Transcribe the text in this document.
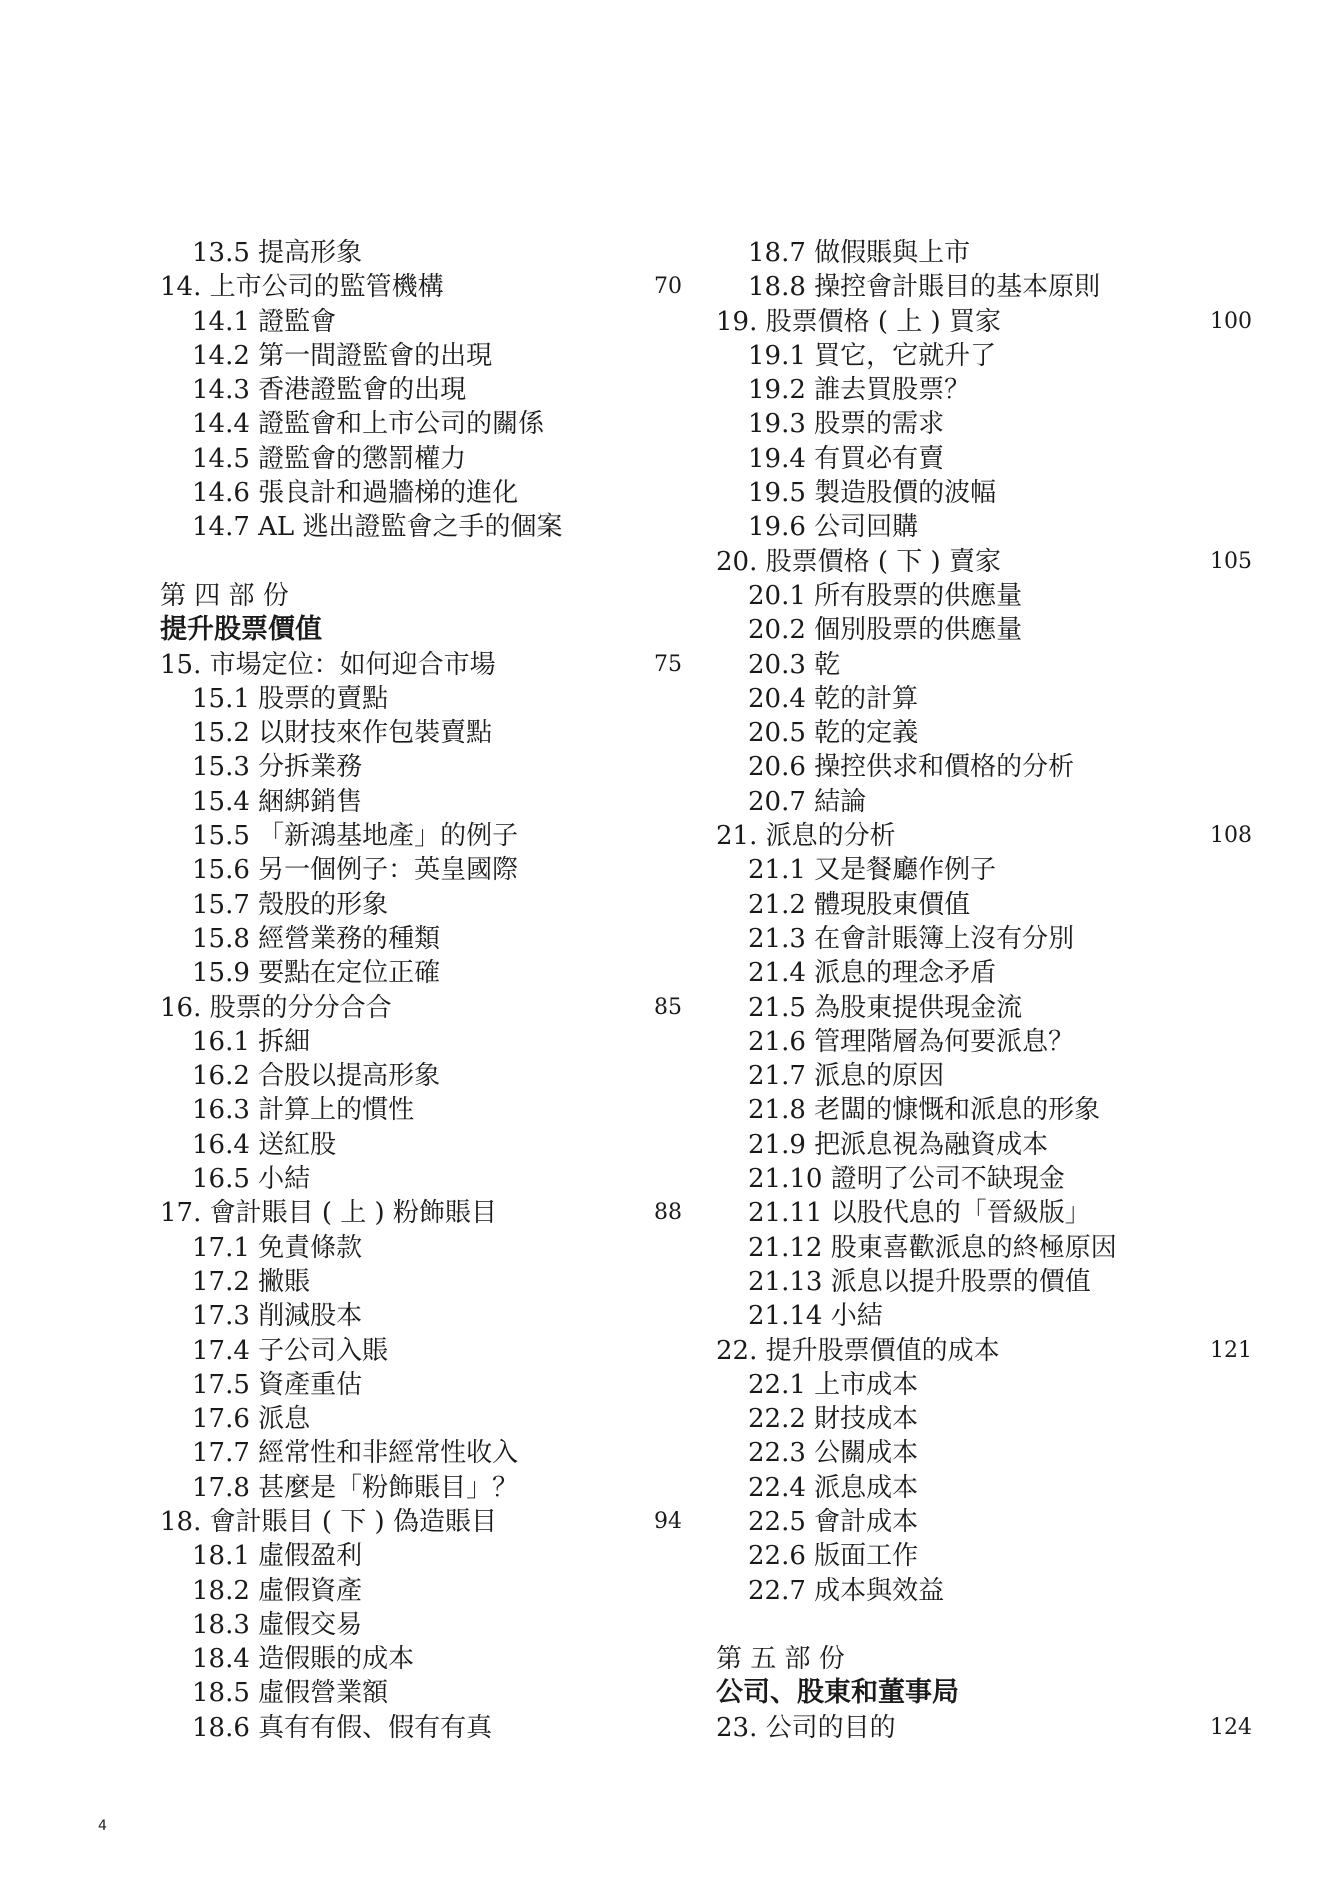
13.5 提高形象
14. 上市公司的監管機構	70
14.1 證監會
14.2 第一間證監會的出現
14.3 香港證監會的出現
14.4 證監會和上市公司的關係
14.5 證監會的懲罰權力
14.6 張良計和過牆梯的進化
14.7 AL 逃出證監會之手的個案
第 四 部 份
提升股票價值
15. 市場定位：如何迎合市場	75
15.1 股票的賣點
15.2 以財技來作包裝賣點
15.3 分拆業務
15.4 綑綁銷售
15.5 「新鴻基地產」的例子
15.6 另一個例子：英皇國際
15.7 殼股的形象
15.8 經營業務的種類
15.9 要點在定位正確
16. 股票的分分合合	85
16.1 拆細
16.2 合股以提高形象
16.3 計算上的慣性
16.4 送紅股
16.5 小結
17. 會計賬目 ( 上 ) 粉飾賬目	88
17.1 免責條款
17.2 撇賬
17.3 削減股本
17.4 子公司入賬
17.5 資產重估
17.6 派息
17.7 經常性和非經常性收入
17.8 甚麼是「粉飾賬目」？
18. 會計賬目 ( 下 ) 偽造賬目	94
18.1 虛假盈利
18.2 虛假資產
18.3 虛假交易
18.4 造假賬的成本
18.5 虛假營業額
18.6 真有有假、假有有真
18.7 做假賬與上市
18.8 操控會計賬目的基本原則
19. 股票價格 ( 上 ) 買家	100
19.1 買它，它就升了
19.2 誰去買股票？
19.3 股票的需求
19.4 有買必有賣
19.5 製造股價的波幅
19.6 公司回購
20. 股票價格 ( 下 ) 賣家	105
20.1 所有股票的供應量
20.2 個別股票的供應量
20.3 乾
20.4 乾的計算
20.5 乾的定義
20.6 操控供求和價格的分析
20.7 結論
21. 派息的分析	108
21.1 又是餐廳作例子
21.2 體現股東價值
21.3 在會計賬簿上沒有分別
21.4 派息的理念矛盾
21.5 為股東提供現金流
21.6 管理階層為何要派息？
21.7 派息的原因
21.8 老闆的慷慨和派息的形象
21.9 把派息視為融資成本
21.10 證明了公司不缺現金
21.11 以股代息的「晉級版」
21.12 股東喜歡派息的終極原因
21.13 派息以提升股票的價值
21.14 小結
22. 提升股票價值的成本	121
22.1 上市成本
22.2 財技成本
22.3 公關成本
22.4 派息成本
22.5 會計成本
22.6 版面工作
22.7 成本與效益
第 五 部 份
公司、股東和董事局
23. 公司的目的	124
4
